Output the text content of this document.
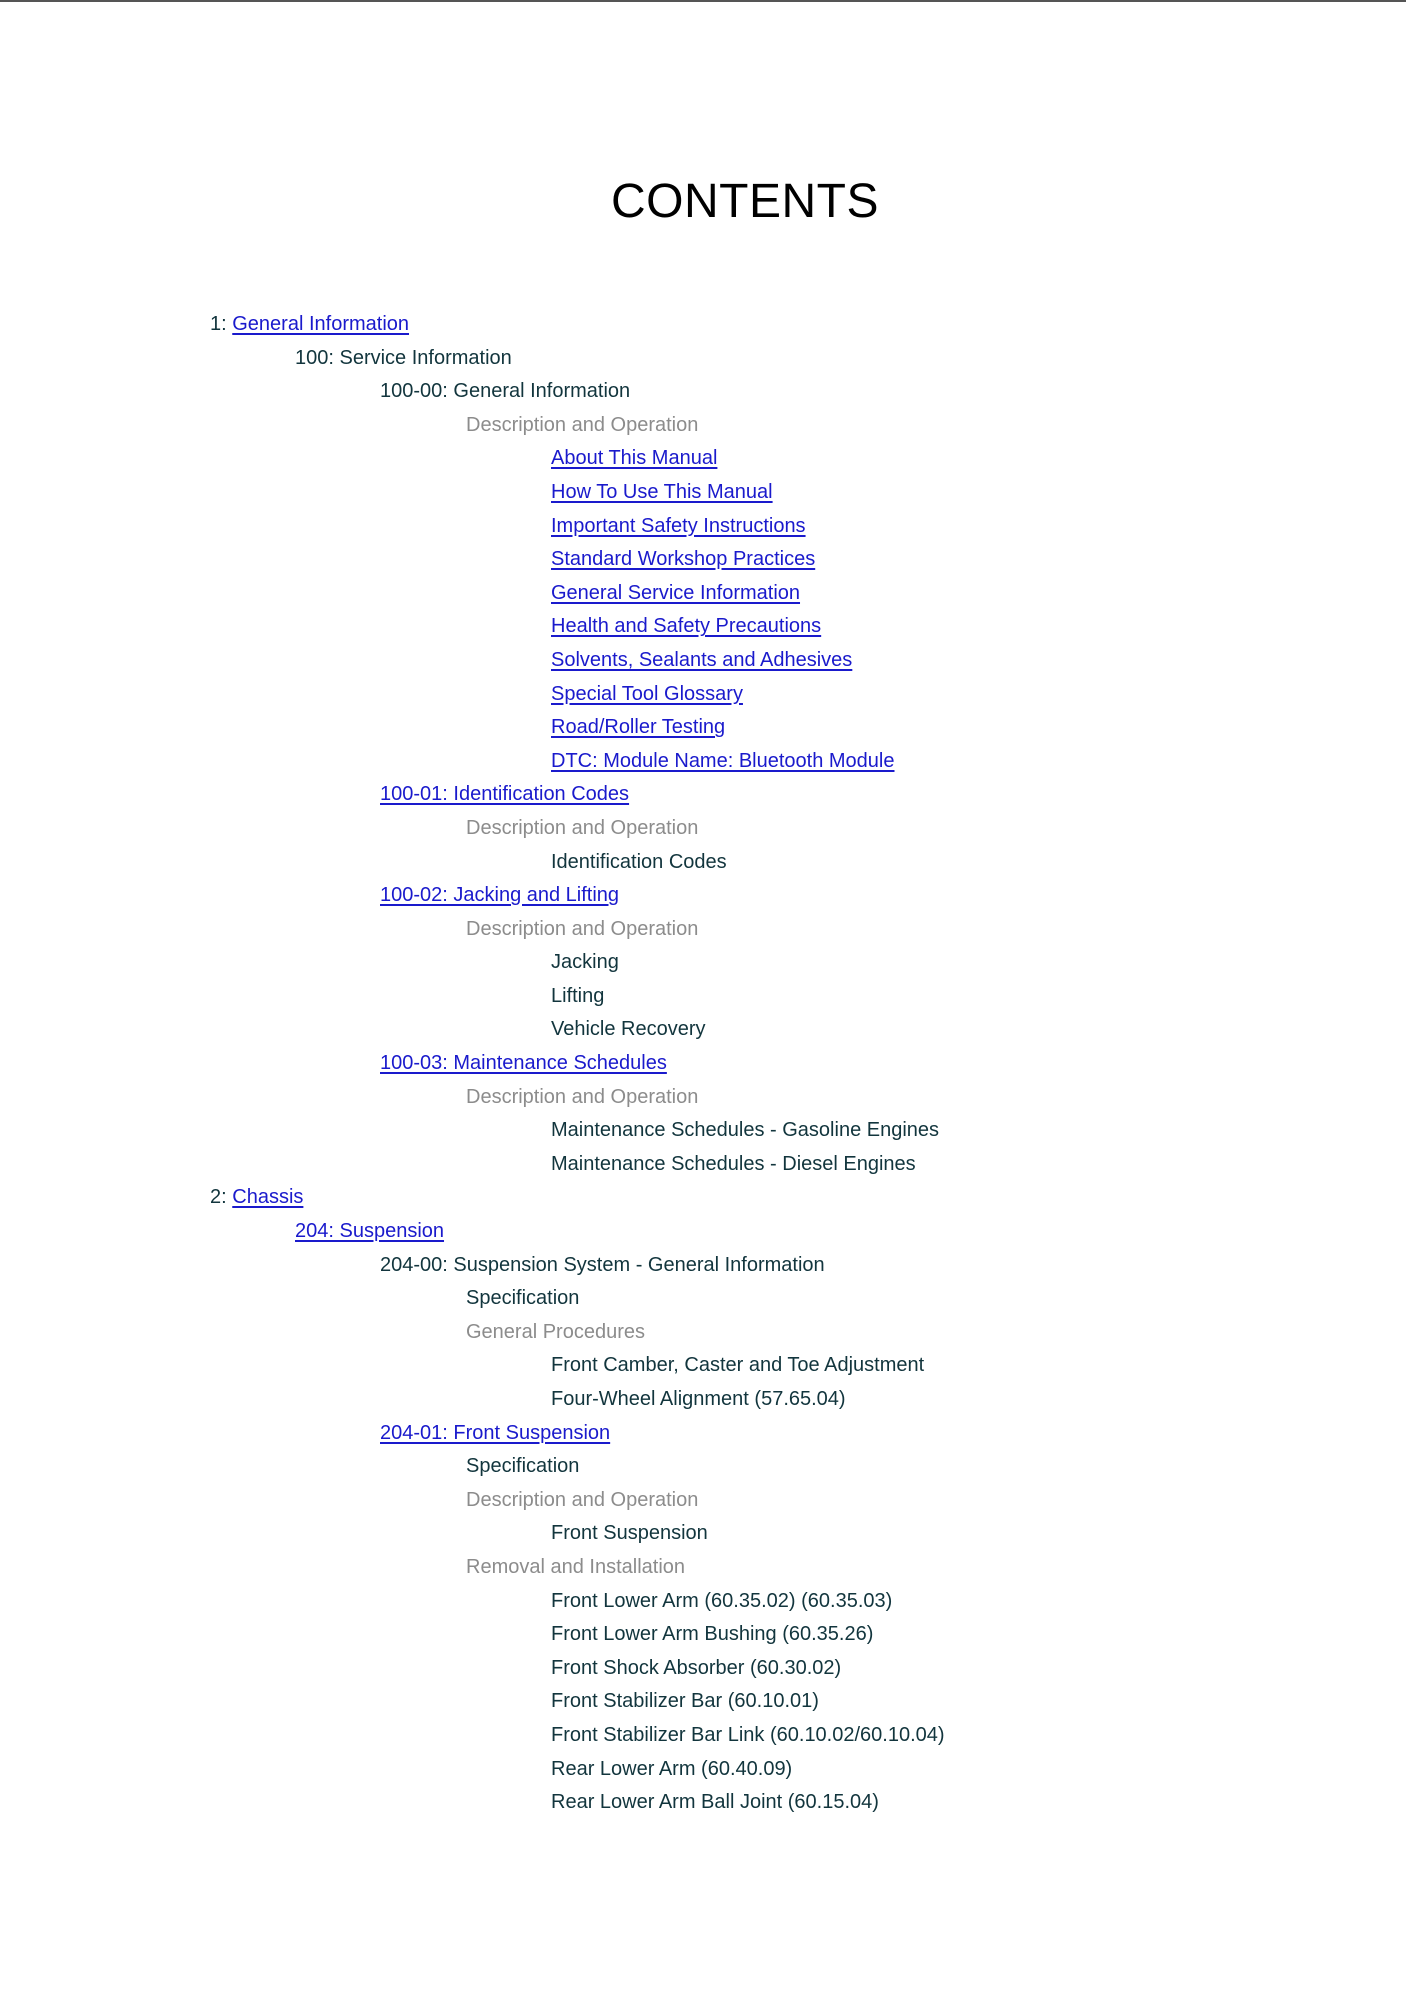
CONTENTS
1: General Information
100: Service Information
100-00: General Information
Description and Operation
About This Manual
How To Use This Manual
Important Safety Instructions
Standard Workshop Practices
General Service Information
Health and Safety Precautions
Solvents, Sealants and Adhesives
Special Tool Glossary
Road/Roller Testing
DTC: Module Name: Bluetooth Module
100-01: Identification Codes
Description and Operation
Identification Codes
100-02: Jacking and Lifting
Description and Operation
Jacking
Lifting
Vehicle Recovery
100-03: Maintenance Schedules
Description and Operation
Maintenance Schedules - Gasoline Engines
Maintenance Schedules - Diesel Engines
2: Chassis
204: Suspension
204-00: Suspension System - General Information
Specification
General Procedures
Front Camber, Caster and Toe Adjustment
Four-Wheel Alignment (57.65.04)
204-01: Front Suspension
Specification
Description and Operation
Front Suspension
Removal and Installation
Front Lower Arm (60.35.02) (60.35.03)
Front Lower Arm Bushing (60.35.26)
Front Shock Absorber (60.30.02)
Front Stabilizer Bar (60.10.01)
Front Stabilizer Bar Link (60.10.02/60.10.04)
Rear Lower Arm (60.40.09)
Rear Lower Arm Ball Joint (60.15.04)
